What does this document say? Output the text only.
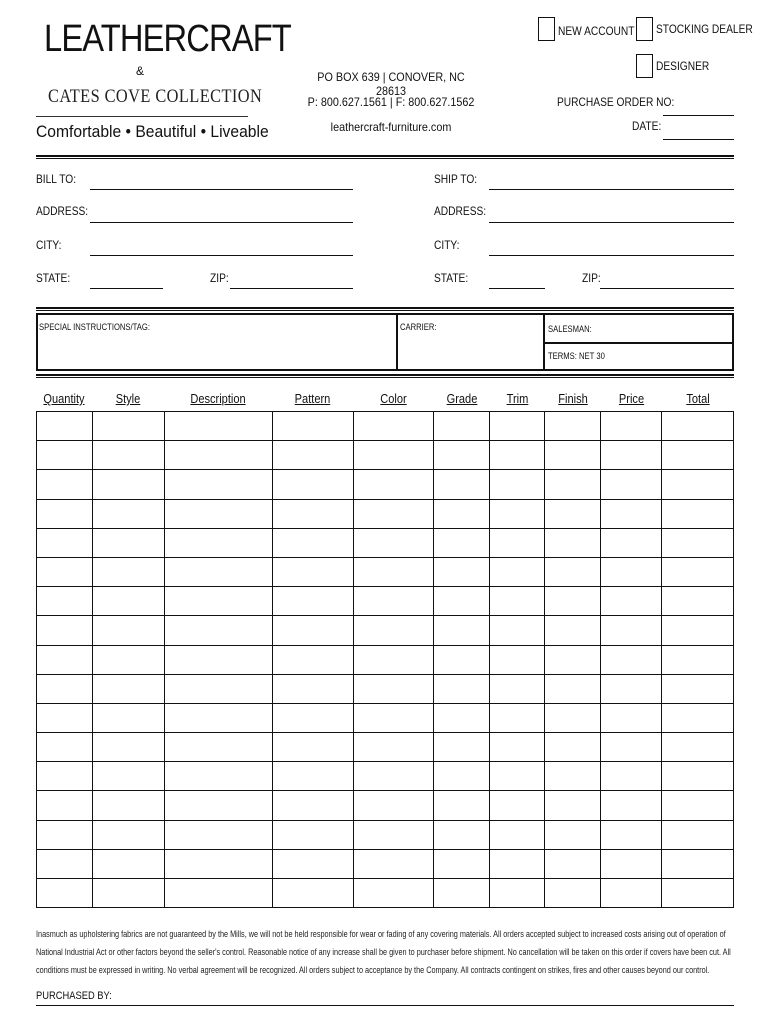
LEATHERCRAFT
&
CATES COVE COLLECTION
Comfortable • Beautiful • Liveable
PO BOX 639 | CONOVER, NC 28613
P: 800.627.1561 | F: 800.627.1562
leathercraft-furniture.com
NEW ACCOUNT STOCKING DEALER
DESIGNER
PURCHASE ORDER NO:
DATE:
BILL TO:
ADDRESS:
CITY:
STATE:	ZIP:
SHIP TO:
ADDRESS:
CITY:
STATE:	ZIP:
SPECIAL INSTRUCTIONS/TAG:	CARRIER:	SALESMAN:
TERMS: NET 30
Quantity	Style	Description	Pattern	Color	Grade	Trim	Finish	Price	Total

Inasmuch as upholstering fabrics are not guaranteed by the Mills, we will not be held responsible for wear or fading of any covering materials. All orders accepted subject to increased costs arising out of operation of National Industrial Act or other factors beyond the seller's control. Reasonable notice of any increase shall be given to purchaser before shipment. No cancellation will be taken on this order if covers have been cut. All conditions must be expressed in writing. No verbal agreement will be recognized. All orders subject to acceptance by the Company. All contracts contingent on strikes, fires and other causes beyond our control.
PURCHASED BY:
